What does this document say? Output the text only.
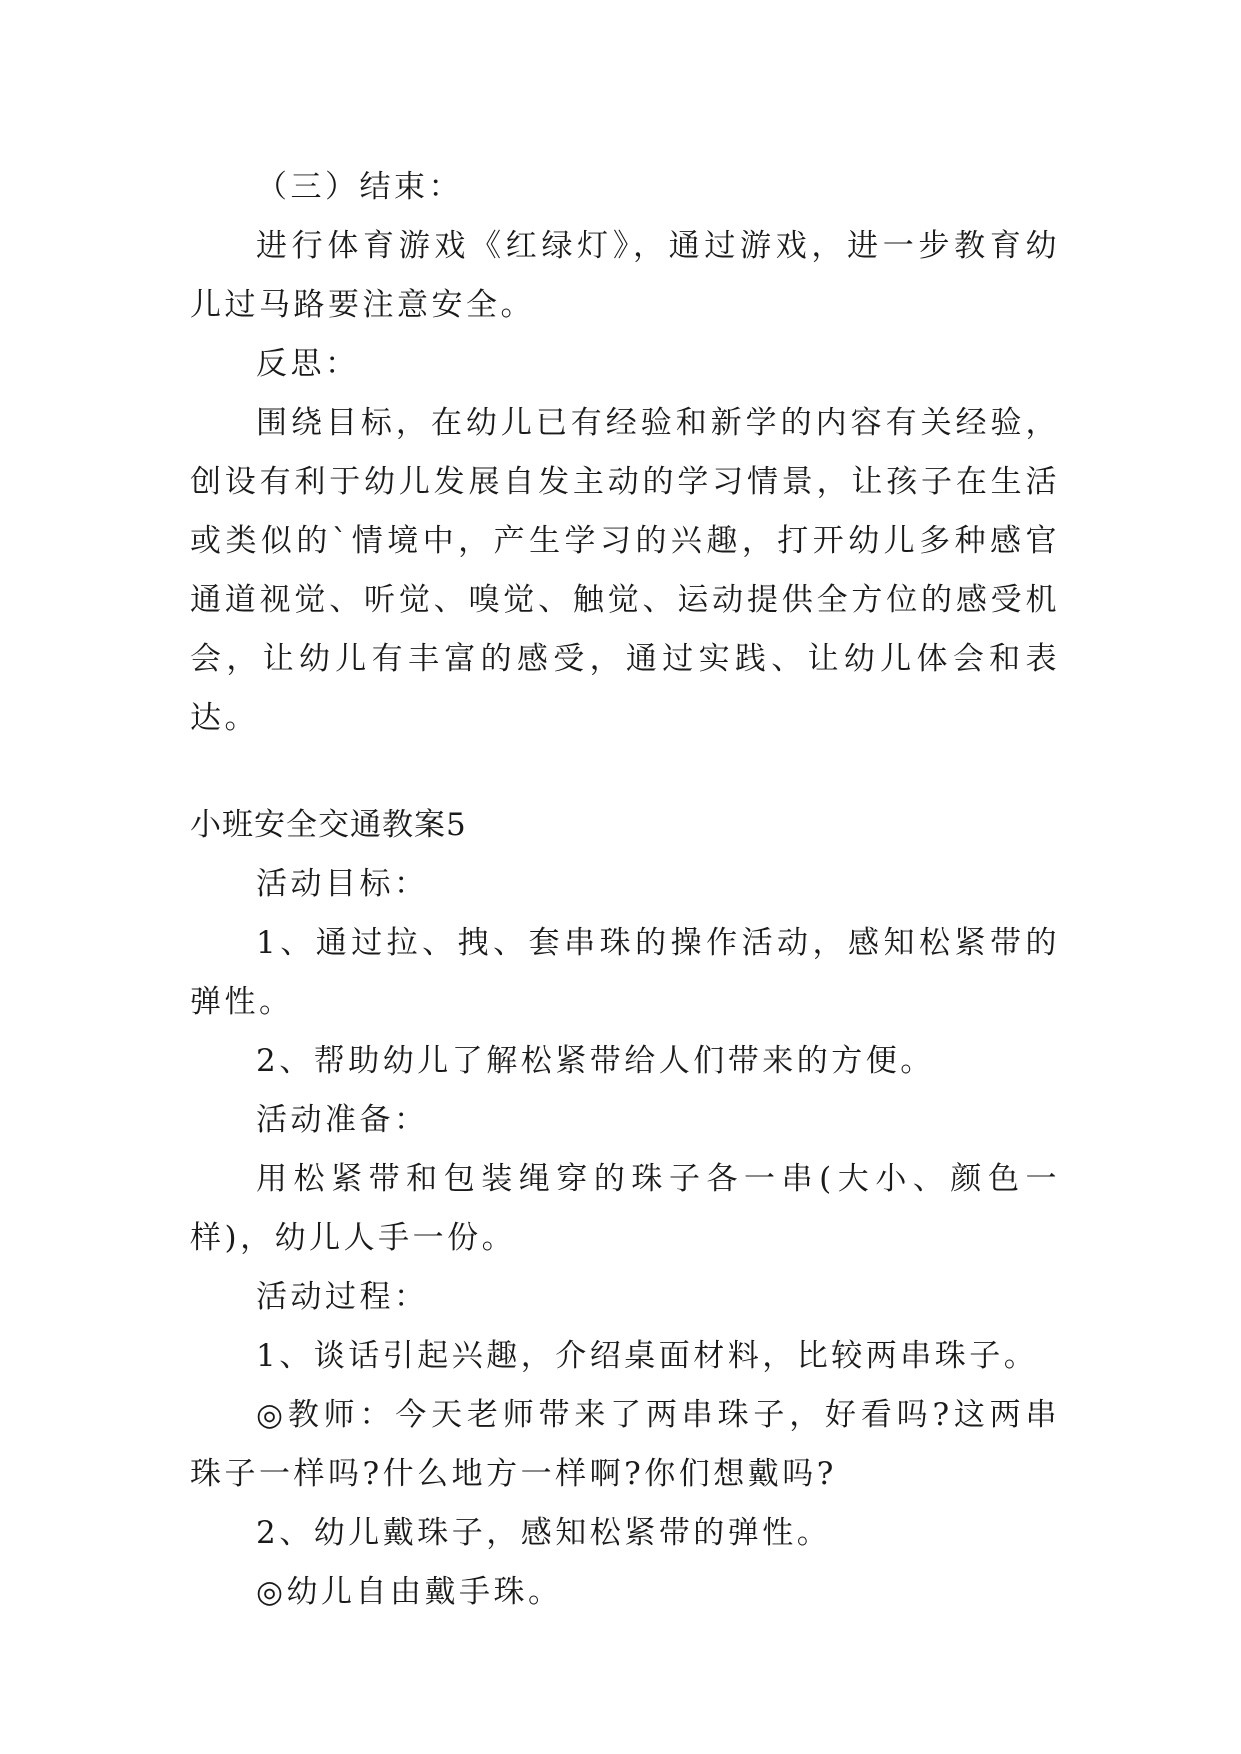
（三）结束：

进行体育游戏《红绿灯》，通过游戏，进一步教育幼儿过马路要注意安全。

反思：

围绕目标，在幼儿已有经验和新学的内容有关经验，创设有利于幼儿发展自发主动的学习情景，让孩子在生活或类似的`情境中，产生学习的兴趣，打开幼儿多种感官通道视觉、听觉、嗅觉、触觉、运动提供全方位的感受机会，让幼儿有丰富的感受，通过实践、让幼儿体会和表达。

小班安全交通教案5

活动目标：

1、通过拉、拽、套串珠的操作活动，感知松紧带的弹性。

2、帮助幼儿了解松紧带给人们带来的方便。

活动准备：

用松紧带和包装绳穿的珠子各一串(大小、颜色一样)，幼儿人手一份。

活动过程：

1、谈话引起兴趣，介绍桌面材料，比较两串珠子。

◎教师：今天老师带来了两串珠子，好看吗?这两串珠子一样吗?什么地方一样啊?你们想戴吗?

2、幼儿戴珠子，感知松紧带的弹性。

◎幼儿自由戴手珠。
